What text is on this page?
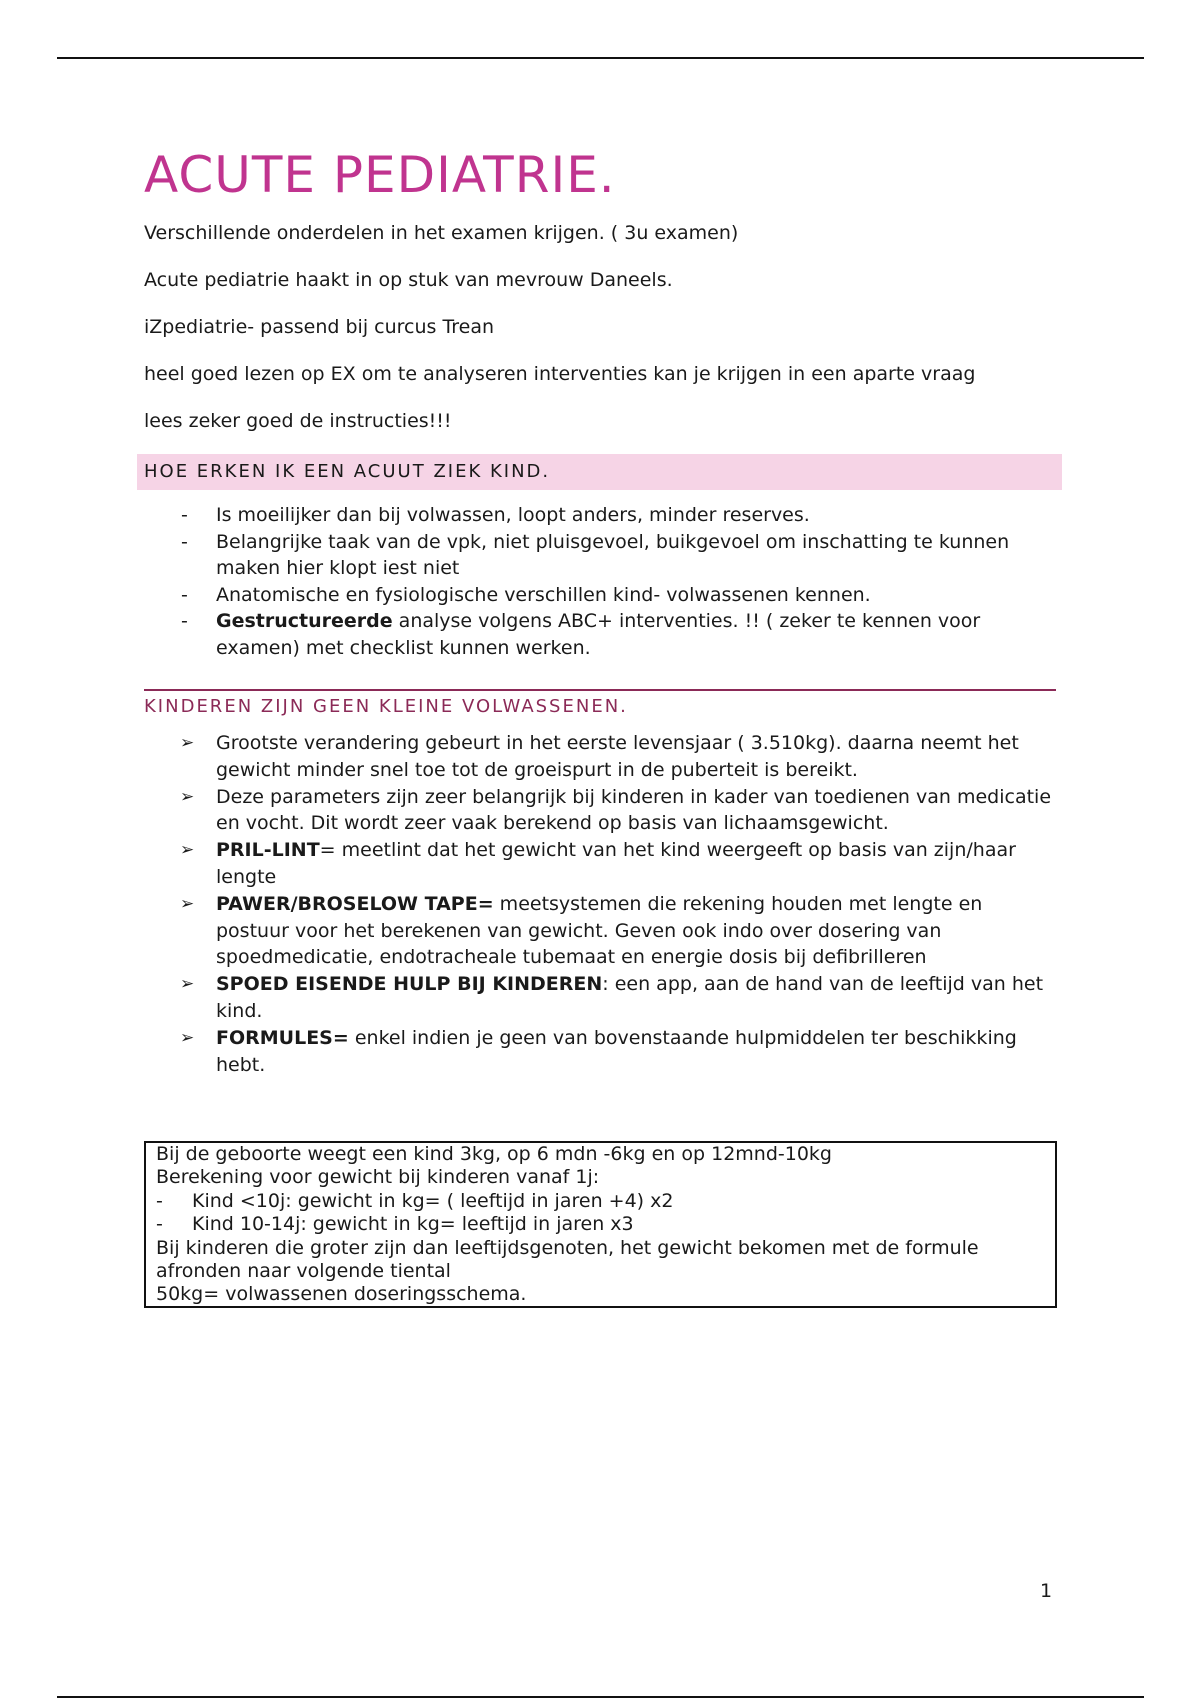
ACUTE PEDIATRIE.

Verschillende onderdelen in het examen krijgen. ( 3u examen)

Acute pediatrie haakt in op stuk van mevrouw Daneels.

iZpediatrie- passend bij curcus Trean

heel goed lezen op EX om te analyseren interventies kan je krijgen in een aparte vraag

lees zeker goed de instructies!!!

HOE ERKEN IK EEN ACUUT ZIEK KIND.
- Is moeilijker dan bij volwassen, loopt anders, minder reserves.
- Belangrijke taak van de vpk, niet pluisgevoel, buikgevoel om inschatting te kunnen maken hier klopt iest niet
- Anatomische en fysiologische verschillen kind- volwassenen kennen.
- Gestructureerde analyse volgens ABC+ interventies. !! ( zeker te kennen voor examen) met checklist kunnen werken.
KINDEREN ZIJN GEEN KLEINE VOLWASSENEN.
➢ Grootste verandering gebeurt in het eerste levensjaar ( 3.510kg). daarna neemt het gewicht minder snel toe tot de groeispurt in de puberteit is bereikt.
➢ Deze parameters zijn zeer belangrijk bij kinderen in kader van toedienen van medicatie en vocht. Dit wordt zeer vaak berekend op basis van lichaamsgewicht.
➢ PRIL-LINT= meetlint dat het gewicht van het kind weergeeft op basis van zijn/haar lengte
➢ PAWER/BROSELOW TAPE= meetsystemen die rekening houden met lengte en postuur voor het berekenen van gewicht. Geven ook indo over dosering van spoedmedicatie, endotracheale tubemaat en energie dosis bij defibrilleren
➢ SPOED EISENDE HULP BIJ KINDEREN: een app, aan de hand van de leeftijd van het kind.
➢ FORMULES= enkel indien je geen van bovenstaande hulpmiddelen ter beschikking hebt.
Bij de geboorte weegt een kind 3kg, op 6 mdn -6kg en op 12mnd-10kg
Berekening voor gewicht bij kinderen vanaf 1j:
- Kind <10j: gewicht in kg= ( leeftijd in jaren +4) x2
- Kind 10-14j: gewicht in kg= leeftijd in jaren x3
Bij kinderen die groter zijn dan leeftijdsgenoten, het gewicht bekomen met de formule afronden naar volgende tiental
50kg= volwassenen doseringsschema.
1
